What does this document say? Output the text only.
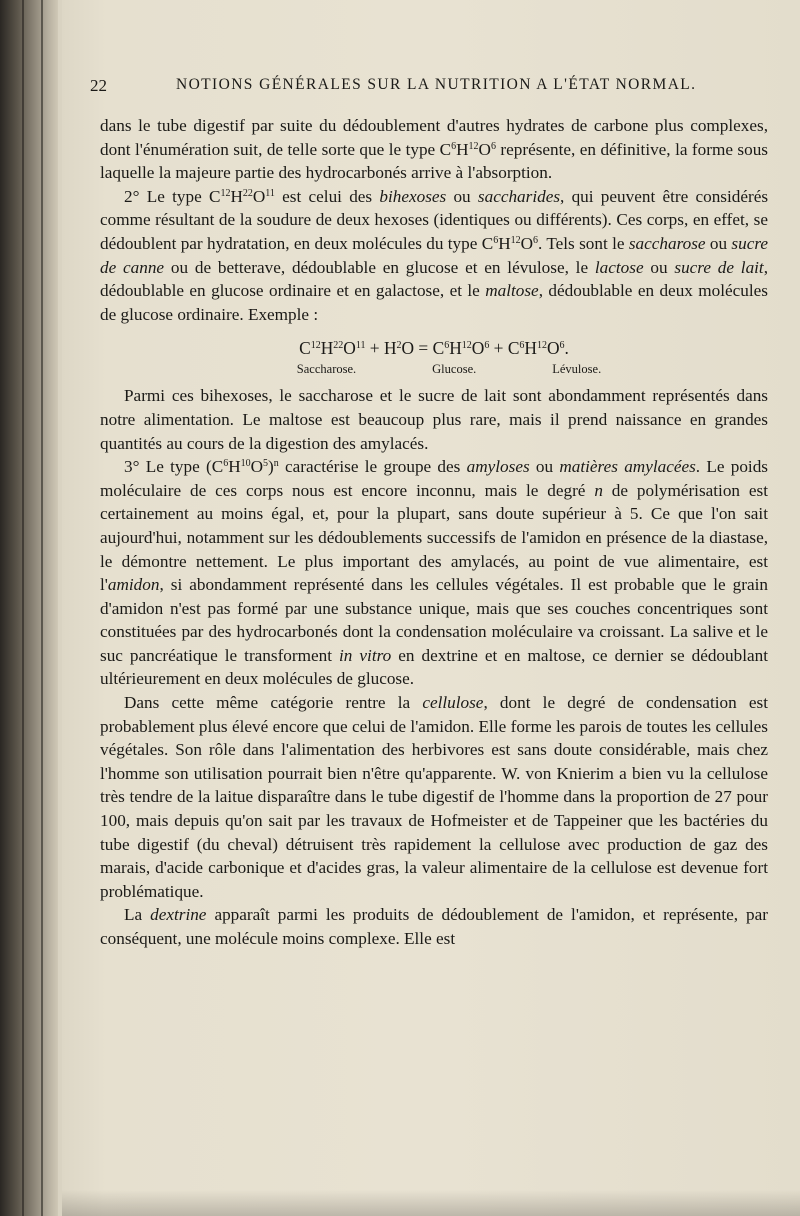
22	NOTIONS GÉNÉRALES SUR LA NUTRITION A L'ÉTAT NORMAL.

dans le tube digestif par suite du dédoublement d'autres hydrates de carbone plus complexes, dont l'énumération suit, de telle sorte que le type $C^6H^{12}O^6$ représente, en définitive, la forme sous laquelle la majeure partie des hydrocarbonés arrive à l'absorption.

2° Le type $C^{12}H^{22}O^{11}$ est celui des bihexoses ou saccharides, qui peuvent être considérés comme résultant de la soudure de deux hexoses (identiques ou différents). Ces corps, en effet, se dédoublent par hydratation, en deux molécules du type $C^6H^{12}O^6$. Tels sont le saccharose ou sucre de canne ou de betterave, dédoublable en glucose et en lévulose, le lactose ou sucre de lait, dédoublable en glucose ordinaire et en galactose, et le maltose, dédoublable en deux molécules de glucose ordinaire. Exemple :

$C^{12}H^{22}O^{11} + H^2O = C^6H^{12}O^6 + C^6H^{12}O^6$.
Saccharose.	Glucose.	Lévulose.

Parmi ces bihexoses, le saccharose et le sucre de lait sont abondamment représentés dans notre alimentation. Le maltose est beaucoup plus rare, mais il prend naissance en grandes quantités au cours de la digestion des amylacés.

3° Le type $(C^6H^{10}O^5)^n$ caractérise le groupe des amyloses ou matières amylacées. Le poids moléculaire de ces corps nous est encore inconnu, mais le degré n de polymérisation est certainement au moins égal, et, pour la plupart, sans doute supérieur à 5. Ce que l'on sait aujourd'hui, notamment sur les dédoublements successifs de l'amidon en présence de la diastase, le démontre nettement. Le plus important des amylacés, au point de vue alimentaire, est l'amidon, si abondamment représenté dans les cellules végétales. Il est probable que le grain d'amidon n'est pas formé par une substance unique, mais que ses couches concentriques sont constituées par des hydrocarbonés dont la condensation moléculaire va croissant. La salive et le suc pancréatique le transforment in vitro en dextrine et en maltose, ce dernier se dédoublant ultérieurement en deux molécules de glucose.

Dans cette même catégorie rentre la cellulose, dont le degré de condensation est probablement plus élevé encore que celui de l'amidon. Elle forme les parois de toutes les cellules végétales. Son rôle dans l'alimentation des herbivores est sans doute considérable, mais chez l'homme son utilisation pourrait bien n'être qu'apparente. W. von Knierim a bien vu la cellulose très tendre de la laitue disparaître dans le tube digestif de l'homme dans la proportion de 27 pour 100, mais depuis qu'on sait par les travaux de Hofmeister et de Tappeiner que les bactéries du tube digestif (du cheval) détruisent très rapidement la cellulose avec production de gaz des marais, d'acide carbonique et d'acides gras, la valeur alimentaire de la cellulose est devenue fort problématique.

La dextrine apparaît parmi les produits de dédoublement de l'amidon, et représente, par conséquent, une molécule moins complexe. Elle est
